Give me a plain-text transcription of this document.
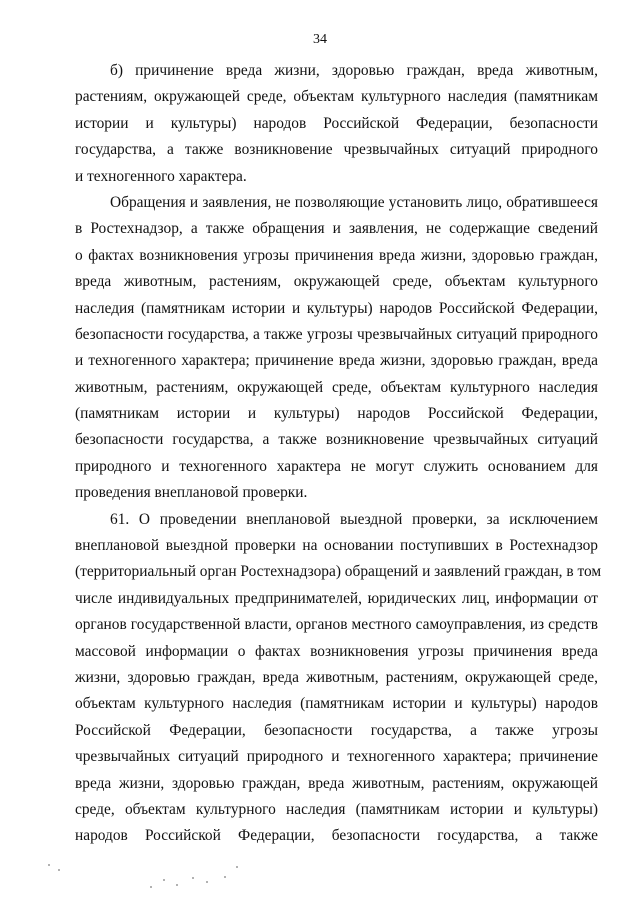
34
б) причинение вреда жизни, здоровью граждан, вреда животным,
растениям, окружающей среде, объектам культурного наследия (памятникам
истории и культуры) народов Российской Федерации, безопасности
государства, а также возникновение чрезвычайных ситуаций природного
и техногенного характера.
Обращения и заявления, не позволяющие установить лицо, обратившееся
в Ростехнадзор, а также обращения и заявления, не содержащие сведений
о фактах возникновения угрозы причинения вреда жизни, здоровью граждан,
вреда животным, растениям, окружающей среде, объектам культурного
наследия (памятникам истории и культуры) народов Российской Федерации,
безопасности государства, а также угрозы чрезвычайных ситуаций природного
и техногенного характера; причинение вреда жизни, здоровью граждан, вреда
животным, растениям, окружающей среде, объектам культурного наследия
(памятникам истории и культуры) народов Российской Федерации,
безопасности государства, а также возникновение чрезвычайных ситуаций
природного и техногенного характера не могут служить основанием для
проведения внеплановой проверки.
61. О проведении внеплановой выездной проверки, за исключением
внеплановой выездной проверки на основании поступивших в Ростехнадзор
(территориальный орган Ростехнадзора) обращений и заявлений граждан, в том
числе индивидуальных предпринимателей, юридических лиц, информации от
органов государственной власти, органов местного самоуправления, из средств
массовой информации о фактах возникновения угрозы причинения вреда
жизни, здоровью граждан, вреда животным, растениям, окружающей среде,
объектам культурного наследия (памятникам истории и культуры) народов
Российской Федерации, безопасности государства, а также угрозы
чрезвычайных ситуаций природного и техногенного характера; причинение
вреда жизни, здоровью граждан, вреда животным, растениям, окружающей
среде, объектам культурного наследия (памятникам истории и культуры)
народов Российской Федерации, безопасности государства, а также
